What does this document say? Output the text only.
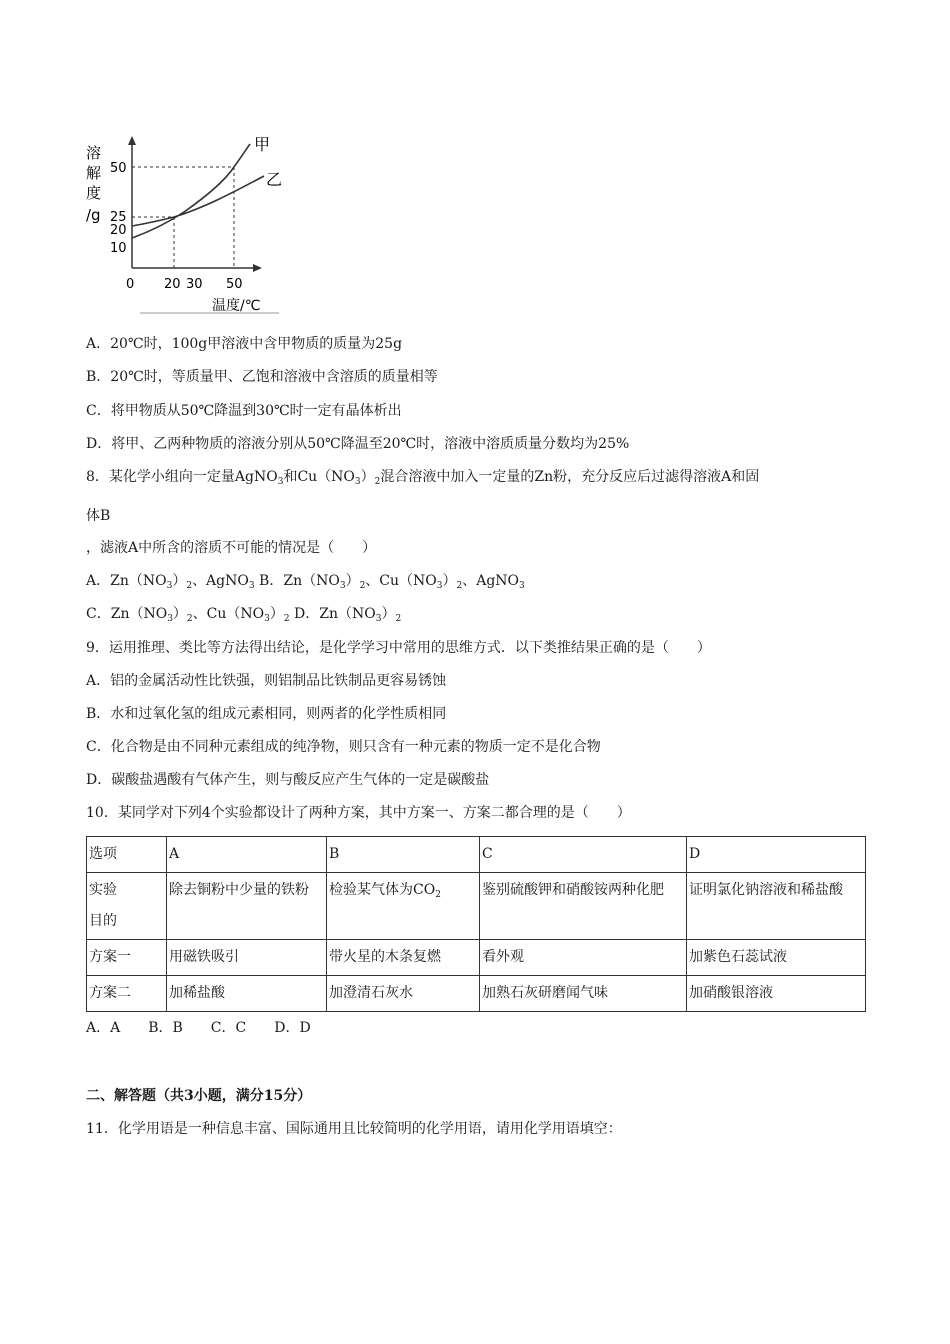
溶
解
度
/g
50
25
20
10
0 20 30 50
温度/℃
甲
乙
A．20℃时，100g甲溶液中含甲物质的质量为25g
B．20℃时，等质量甲、乙饱和溶液中含溶质的质量相等
C．将甲物质从50℃降温到30℃时一定有晶体析出
D．将甲、乙两种物质的溶液分别从50℃降温至20℃时，溶液中溶质质量分数均为25%
8．某化学小组向一定量AgNO$_3$和$Cu(NO_3)_2$混合溶液中加入一定量的Zn粉，充分反应后过滤得溶液A和固
体B
，滤液A中所含的溶质不可能的情况是（　　）
A．$Zn(NO_3)_2$、AgNO$_3$ B．$Zn(NO_3)_2$、$Cu(NO_3)_2$、AgNO$_3$
C．$Zn(NO_3)_2$、$Cu(NO_3)_2$ D．$Zn(NO_3)_2$
9．运用推理、类比等方法得出结论，是化学学习中常用的思维方式．以下类推结果正确的是（　　）
A．铝的金属活动性比铁强，则铝制品比铁制品更容易锈蚀
B．水和过氧化氢的组成元素相同，则两者的化学性质相同
C．化合物是由不同种元素组成的纯净物，则只含有一种元素的物质一定不是化合物
D．碳酸盐遇酸有气体产生，则与酸反应产生气体的一定是碳酸盐
10．某同学对下列4个实验都设计了两种方案，其中方案一、方案二都合理的是（　　）
选项	A	B	C	D
实验
目的	除去铜粉中少量的铁粉	检验某气体为$CO_2$	鉴别硫酸钾和硝酸铵两种化肥	证明氯化钠溶液和稀盐酸
方案一	用磁铁吸引	带火星的木条复燃	看外观	加紫色石蕊试液
方案二	加稀盐酸	加澄清石灰水	加熟石灰研磨闻气味	加硝酸银溶液
A．A　　B．B　　C．C　　D．D
二、解答题（共3小题，满分15分）
11．化学用语是一种信息丰富、国际通用且比较简明的化学用语，请用化学用语填空：
